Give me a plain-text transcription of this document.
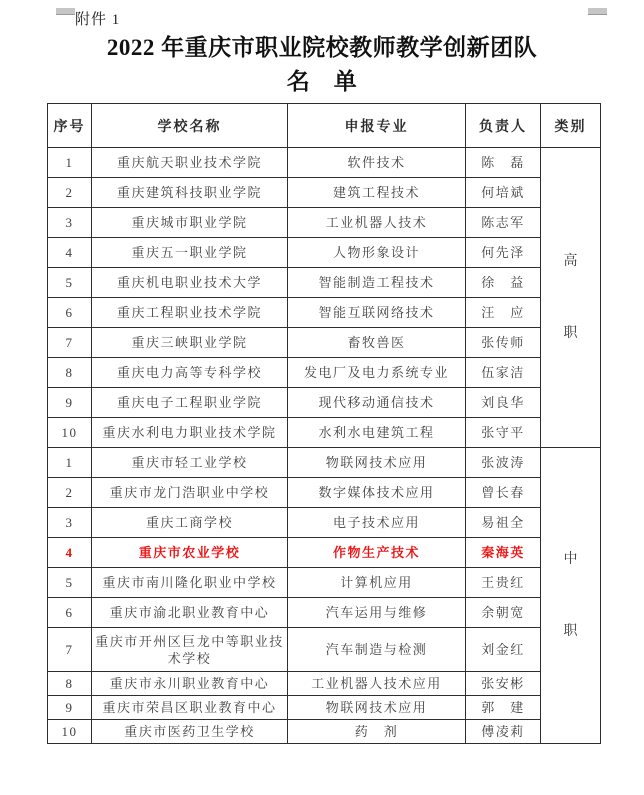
附件 1
2022 年重庆市职业院校教师教学创新团队
名　单
序号	学校名称	申报专业	负责人	类别
1	重庆航天职业技术学院	软件技术	陈　磊	高
职

2	重庆建筑科技职业学院	建筑工程技术	何培斌	
3	重庆城市职业学院	工业机器人技术	陈志军	
4	重庆五一职业学院	人物形象设计	何先泽	
5	重庆机电职业技术大学	智能制造工程技术	徐　益	
6	重庆工程职业技术学院	智能互联网络技术	汪　应	
7	重庆三峡职业学院	畜牧兽医	张传师	
8	重庆电力高等专科学校	发电厂及电力系统专业	伍家洁	
9	重庆电子工程职业学院	现代移动通信技术	刘良华	
10	重庆水利电力职业技术学院	水利水电建筑工程	张守平	
1	重庆市轻工业学校	物联网技术应用	张波涛	中
职

2	重庆市龙门浩职业中学校	数字媒体技术应用	曾长春	
3	重庆工商学校	电子技术应用	易祖全	
4	重庆市农业学校	作物生产技术	秦海英	
5	重庆市南川隆化职业中学校	计算机应用	王贵红	
6	重庆市渝北职业教育中心	汽车运用与维修	余朝宽	
7	重庆市开州区巨龙中等职业技术学校	汽车制造与检测	刘金红	
8	重庆市永川职业教育中心	工业机器人技术应用	张安彬	
9	重庆市荣昌区职业教育中心	物联网技术应用	郭　建	
10	重庆市医药卫生学校	药　剂	傅凌莉	
